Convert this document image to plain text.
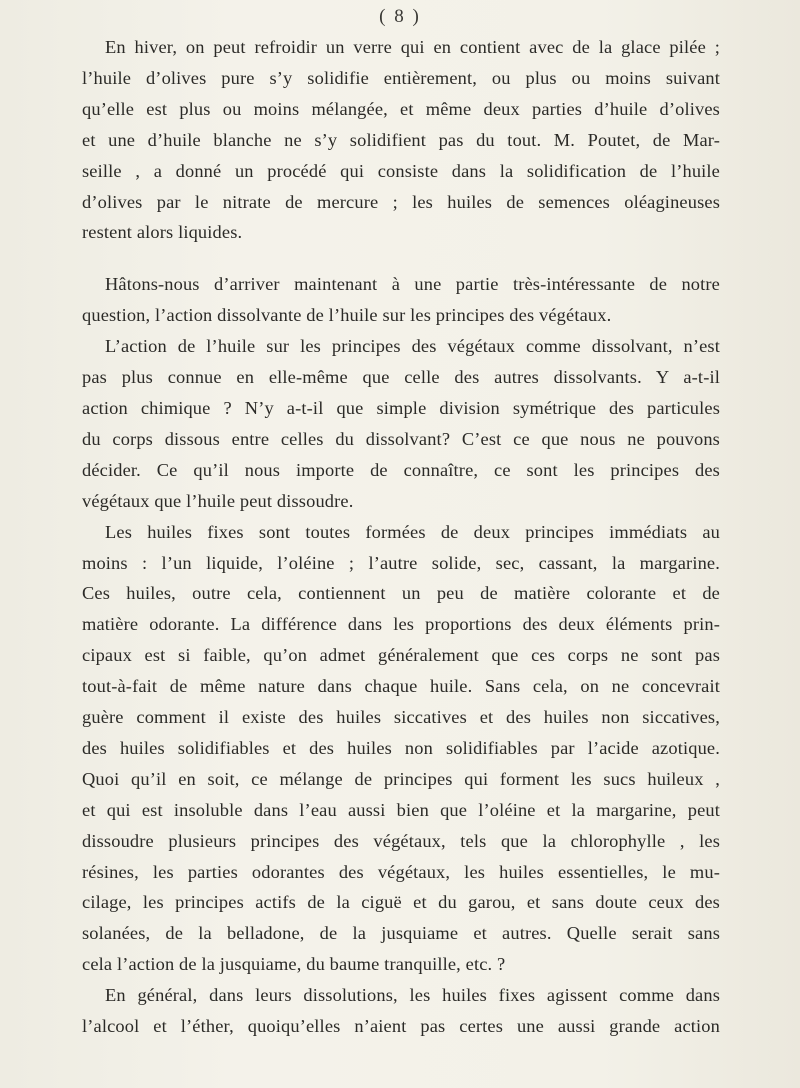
( 8 )

En hiver, on peut refroidir un verre qui en contient avec de la glace pilée ;
l’huile d’olives pure s’y solidifie entièrement, ou plus ou moins suivant
qu’elle est plus ou moins mélangée, et même deux parties d’huile d’olives
et une d’huile blanche ne s’y solidifient pas du tout. M. Poutet, de Mar-
seille , a donné un procédé qui consiste dans la solidification de l’huile
d’olives par le nitrate de mercure ; les huiles de semences oléagineuses
restent alors liquides.

Hâtons-nous d’arriver maintenant à une partie très-intéressante de notre
question, l’action dissolvante de l’huile sur les principes des végétaux.

L’action de l’huile sur les principes des végétaux comme dissolvant, n’est
pas plus connue en elle-même que celle des autres dissolvants. Y a-t-il
action chimique ? N’y a-t-il que simple division symétrique des particules
du corps dissous entre celles du dissolvant? C’est ce que nous ne pouvons
décider. Ce qu’il nous importe de connaître, ce sont les principes des
végétaux que l’huile peut dissoudre.

Les huiles fixes sont toutes formées de deux principes immédiats au
moins : l’un liquide, l’oléine ; l’autre solide, sec, cassant, la margarine.
Ces huiles, outre cela, contiennent un peu de matière colorante et de
matière odorante. La différence dans les proportions des deux éléments prin-
cipaux est si faible, qu’on admet généralement que ces corps ne sont pas
tout-à-fait de même nature dans chaque huile. Sans cela, on ne concevrait
guère comment il existe des huiles siccatives et des huiles non siccatives,
des huiles solidifiables et des huiles non solidifiables par l’acide azotique.
Quoi qu’il en soit, ce mélange de principes qui forment les sucs huileux ,
et qui est insoluble dans l’eau aussi bien que l’oléine et la margarine, peut
dissoudre plusieurs principes des végétaux, tels que la chlorophylle , les
résines, les parties odorantes des végétaux, les huiles essentielles, le mu-
cilage, les principes actifs de la ciguë et du garou, et sans doute ceux des
solanées, de la belladone, de la jusquiame et autres. Quelle serait sans
cela l’action de la jusquiame, du baume tranquille, etc. ?

En général, dans leurs dissolutions, les huiles fixes agissent comme dans
l’alcool et l’éther, quoiqu’elles n’aient pas certes une aussi grande action
